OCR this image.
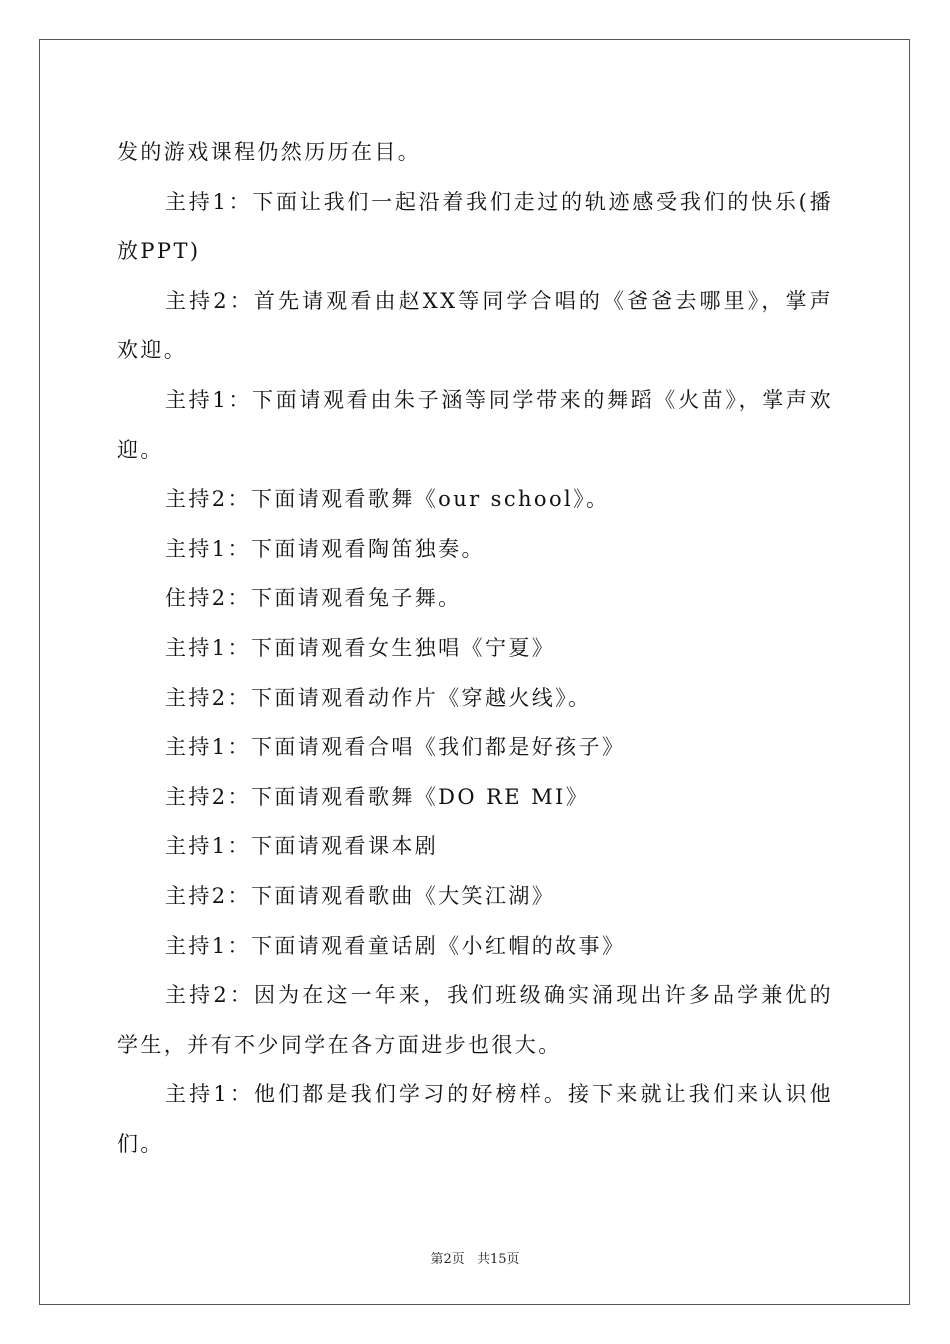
发的游戏课程仍然历历在目。

主持1：下面让我们一起沿着我们走过的轨迹感受我们的快乐(播放PPT)

主持2：首先请观看由赵XX等同学合唱的《爸爸去哪里》，掌声欢迎。

主持1：下面请观看由朱子涵等同学带来的舞蹈《火苗》，掌声欢迎。

主持2：下面请观看歌舞《our school》。

主持1：下面请观看陶笛独奏。

住持2：下面请观看兔子舞。

主持1：下面请观看女生独唱《宁夏》

主持2：下面请观看动作片《穿越火线》。

主持1：下面请观看合唱《我们都是好孩子》

主持2：下面请观看歌舞《DO RE MI》

主持1：下面请观看课本剧

主持2：下面请观看歌曲《大笑江湖》

主持1：下面请观看童话剧《小红帽的故事》

主持2：因为在这一年来，我们班级确实涌现出许多品学兼优的学生，并有不少同学在各方面进步也很大。

主持1：他们都是我们学习的好榜样。接下来就让我们来认识他们。

第2页 共15页
